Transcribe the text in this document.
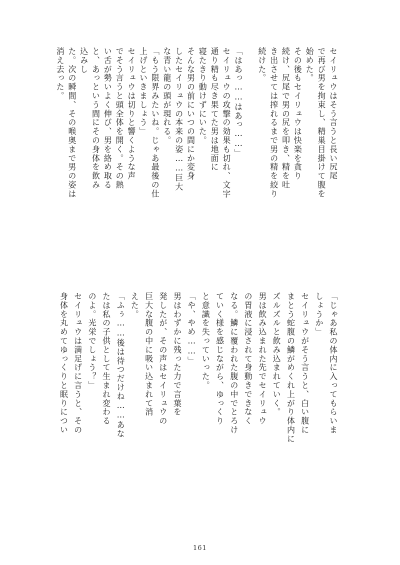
セイリュウはそう言うと長い尻尾
で再び男を拘束し、精巣目掛けて腹を
始めた。
その後もセイリュウは快楽を貪り
続け、尻尾で男の尻を叩き、精を吐
き出させては搾れるまで男の精を絞り
続けた。
「はあっ……はあっ……」
セイリュウの攻撃の効果も切れ、文字
通り精も尽き果てた男は地面に
寝たきり動けずにいた。
そんな男の前にいつの間にか変身
したセイリュウの本来の姿……巨大
な青い龍の頭が現れる。
「もう限界みたいね。じゃあ最後の仕
上げといきましょう」
セイリュウは切りと響くような声
でそう言うと頭全体を開く。その熱
い舌が勢いよく伸び、男を絡め取る
と、あっという間にその身体を飲み
込みし
た。次の瞬間、その喉奥まで男の姿は
消え去った。
「じゃあ私の体内に入ってもらいま
しょうか」
セイリュウがそう言うと、白い腹に
まとう蛇腹の鱗がめくれ上がり体内に
ズルズルと飲み込まれていく。
男は飲み込まれた先でセイリュウ
の胃液に浸されて身動きできなく
なる。鱗に覆われた腹の中でとろけ
ていく様を感じながら、ゆっくり
と意識を失っていった。
「や、やめ……」
男はわずかに残った力で言葉を
発したが、その声はセイリュウの
巨大な腹の中に吸い込まれて消
えた。
「ふぅ……後は待つだけね……あな
たは私の子供として生まれ変わる
のよ。光栄でしょう？」
セイリュウは満足げに言うと、その
身体を丸めてゆっくりと眠りについ
161
